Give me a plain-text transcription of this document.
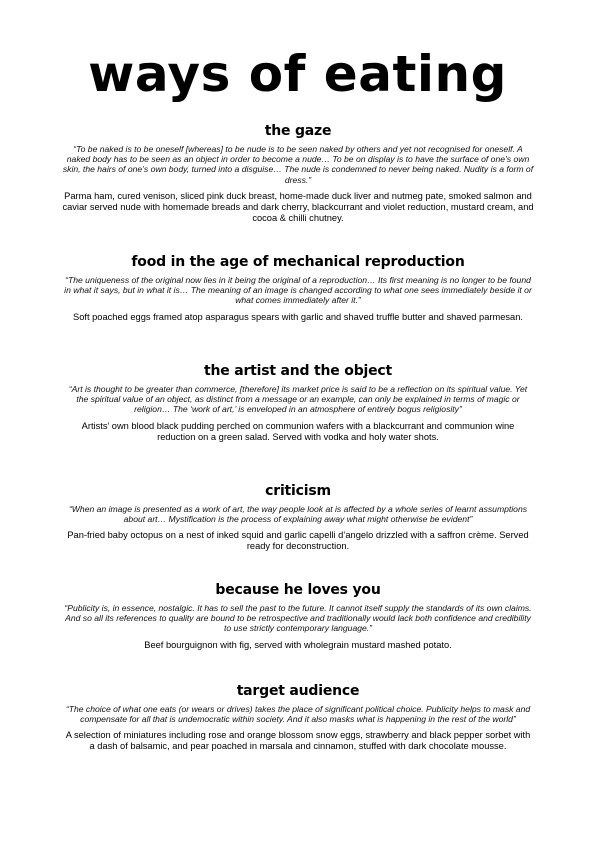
ways of eating
the gaze

“To be naked is to be oneself [whereas] to be nude is to be seen naked by others and yet not recognised for oneself. A naked body has to be seen as an object in order to become a nude… To be on display is to have the surface of one’s own skin, the hairs of one’s own body, turned into a disguise… The nude is condemned to never being naked. Nudity is a form of dress.”

Parma ham, cured venison, sliced pink duck breast, home-made duck liver and nutmeg pate, smoked salmon and caviar served nude with homemade breads and dark cherry, blackcurrant and violet reduction, mustard cream, and cocoa & chilli chutney.

food in the age of mechanical reproduction

“The uniqueness of the original now lies in it being the original of a reproduction… Its first meaning is no longer to be found in what it says, but in what it is… The meaning of an image is changed according to what one sees immediately beside it or what comes immediately after it.”

Soft poached eggs framed atop asparagus spears with garlic and shaved truffle butter and shaved parmesan.

the artist and the object

“Art is thought to be greater than commerce, [therefore] its market price is said to be a reflection on its spiritual value. Yet the spiritual value of an object, as distinct from a message or an example, can only be explained in terms of magic or religion… The ‘work of art,’ is enveloped in an atmosphere of entirely bogus religiosity”

Artists’ own blood black pudding perched on communion wafers with a blackcurrant and communion wine reduction on a green salad. Served with vodka and holy water shots.

criticism

“When an image is presented as a work of art, the way people look at is affected by a whole series of learnt assumptions about art… Mystification is the process of explaining away what might otherwise be evident”

Pan-fried baby octopus on a nest of inked squid and garlic capelli d’angelo drizzled with a saffron crème. Served ready for deconstruction.

because he loves you

“Publicity is, in essence, nostalgic. It has to sell the past to the future. It cannot itself supply the standards of its own claims. And so all its references to quality are bound to be retrospective and traditionally would lack both confidence and credibility to use strictly contemporary language.”

Beef bourguignon with fig, served with wholegrain mustard mashed potato.

target audience

“The choice of what one eats (or wears or drives) takes the place of significant political choice. Publicity helps to mask and compensate for all that is undemocratic within society. And it also masks what is happening in the rest of the world”

A selection of miniatures including rose and orange blossom snow eggs, strawberry and black pepper sorbet with a dash of balsamic, and pear poached in marsala and cinnamon, stuffed with dark chocolate mousse.
